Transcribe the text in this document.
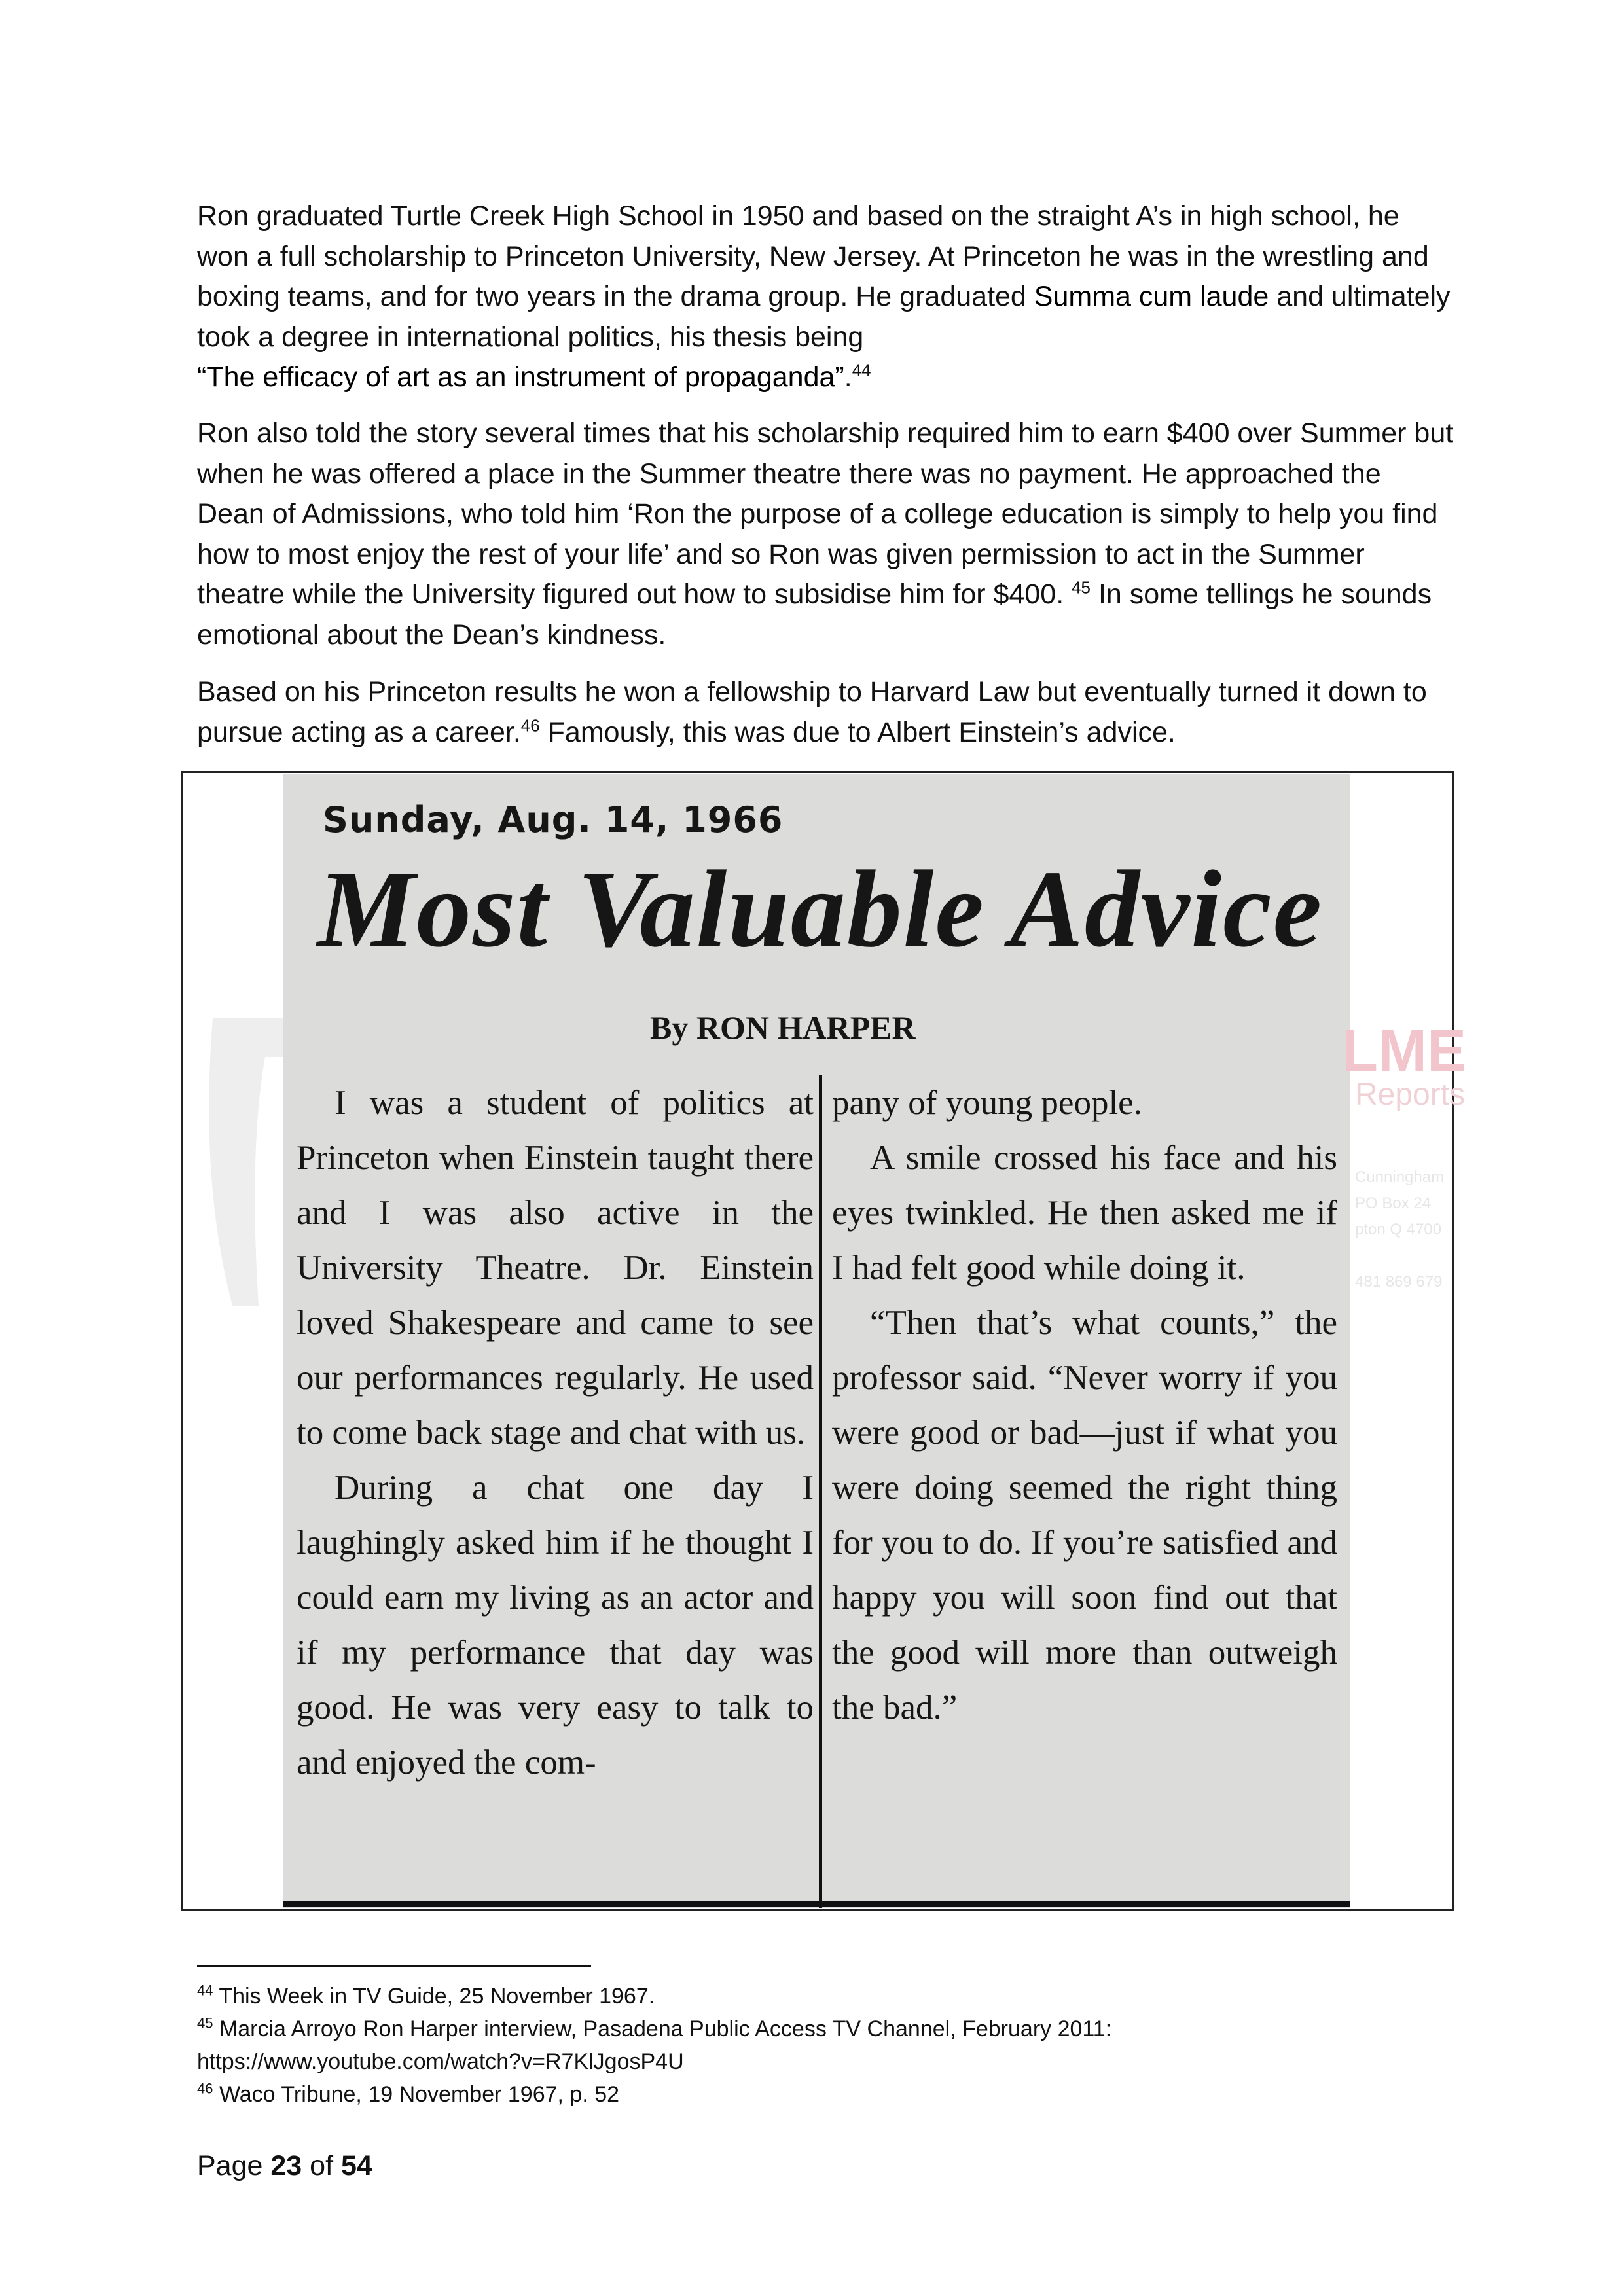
Ron graduated Turtle Creek High School in 1950 and based on the straight A’s in high school, he won a full scholarship to Princeton University, New Jersey. At Princeton he was in the wrestling and boxing teams, and for two years in the drama group. He graduated Summa cum laude and ultimately took a degree in international politics, his thesis being
“The efficacy of art as an instrument of propaganda”.$^{44}$

Ron also told the story several times that his scholarship required him to earn $400 over Summer but when he was offered a place in the Summer theatre there was no payment. He approached the Dean of Admissions, who told him ‘Ron the purpose of a college education is simply to help you find how to most enjoy the rest of your life’ and so Ron was given permission to act in the Summer theatre while the University figured out how to subsidise him for $400. $^{45}$ In some tellings he sounds emotional about the Dean’s kindness.

Based on his Princeton results he won a fellowship to Harvard Law but eventually turned it down to pursue acting as a career.$^{46}$ Famously, this was due to Albert Einstein’s advice.

Sunday, Aug. 14, 1966
Most Valuable Advice
By RON HARPER

I was a student of politics at Princeton when Einstein taught there and I was also active in the University Theatre. Dr. Einstein loved Shakespeare and came to see our performances regularly. He used to come back stage and chat with us.

During a chat one day I laughingly asked him if he thought I could earn my living as an actor and if my performance that day was good. He was very easy to talk to and enjoyed the com-

pany of young people.

A smile crossed his face and his eyes twinkled. He then asked me if I had felt good while doing it.

“Then that’s what counts,” the professor said. “Never worry if you were good or bad—just if what you were doing seemed the right thing for you to do. If you’re satisfied and happy you will soon find out that the good will more than outweigh the bad.”

LME
Reports
Cunningham
PO Box 24
pton Q 4700
481 869 679

$^{44}$ This Week in TV Guide, 25 November 1967.

$^{45}$ Marcia Arroyo Ron Harper interview, Pasadena Public Access TV Channel, February 2011: https://www.youtube.com/watch?v=R7KlJgosP4U

$^{46}$ Waco Tribune, 19 November 1967, p. 52

Page 23 of 54
